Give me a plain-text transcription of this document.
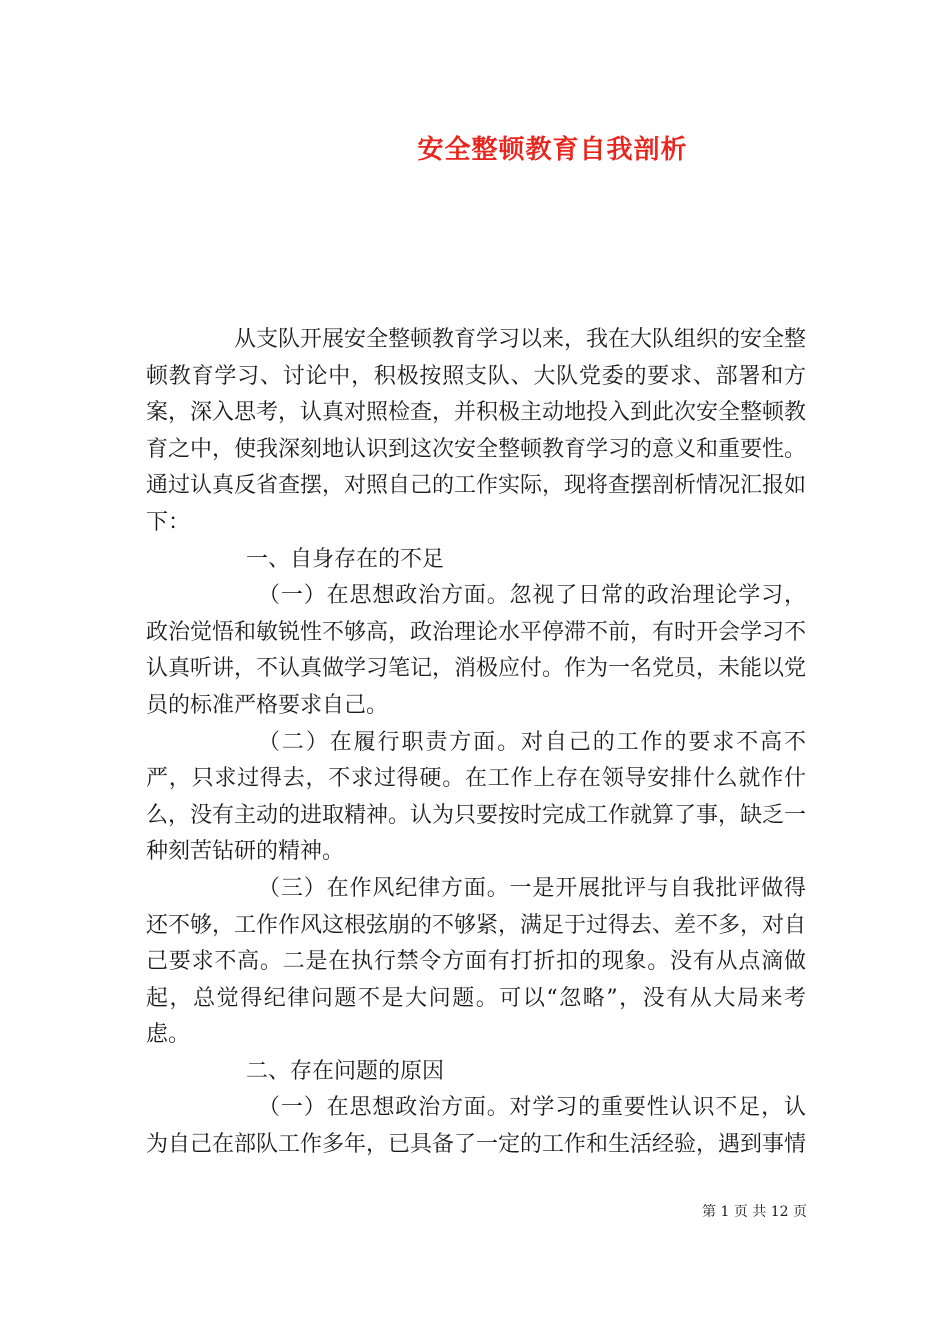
安全整顿教育自我剖析

从支队开展安全整顿教育学习以来，我在大队组织的安全整顿教育学习、讨论中，积极按照支队、大队党委的要求、部署和方案，深入思考，认真对照检查，并积极主动地投入到此次安全整顿教育之中，使我深刻地认识到这次安全整顿教育学习的意义和重要性。通过认真反省查摆，对照自己的工作实际，现将查摆剖析情况汇报如下：

一、自身存在的不足

（一）在思想政治方面。忽视了日常的政治理论学习，政治觉悟和敏锐性不够高，政治理论水平停滞不前，有时开会学习不认真听讲，不认真做学习笔记，消极应付。作为一名党员，未能以党员的标准严格要求自己。

（二）在履行职责方面。对自己的工作的要求不高不严，只求过得去，不求过得硬。在工作上存在领导安排什么就作什么，没有主动的进取精神。认为只要按时完成工作就算了事，缺乏一种刻苦钻研的精神。

（三）在作风纪律方面。一是开展批评与自我批评做得还不够，工作作风这根弦崩的不够紧，满足于过得去、差不多，对自己要求不高。二是在执行禁令方面有打折扣的现象。没有从点滴做起，总觉得纪律问题不是大问题。可以“忽略”，没有从大局来考虑。

二、存在问题的原因

（一）在思想政治方面。对学习的重要性认识不足，认为自己在部队工作多年，已具备了一定的工作和生活经验，遇到事情

第 1 页 共 12 页
